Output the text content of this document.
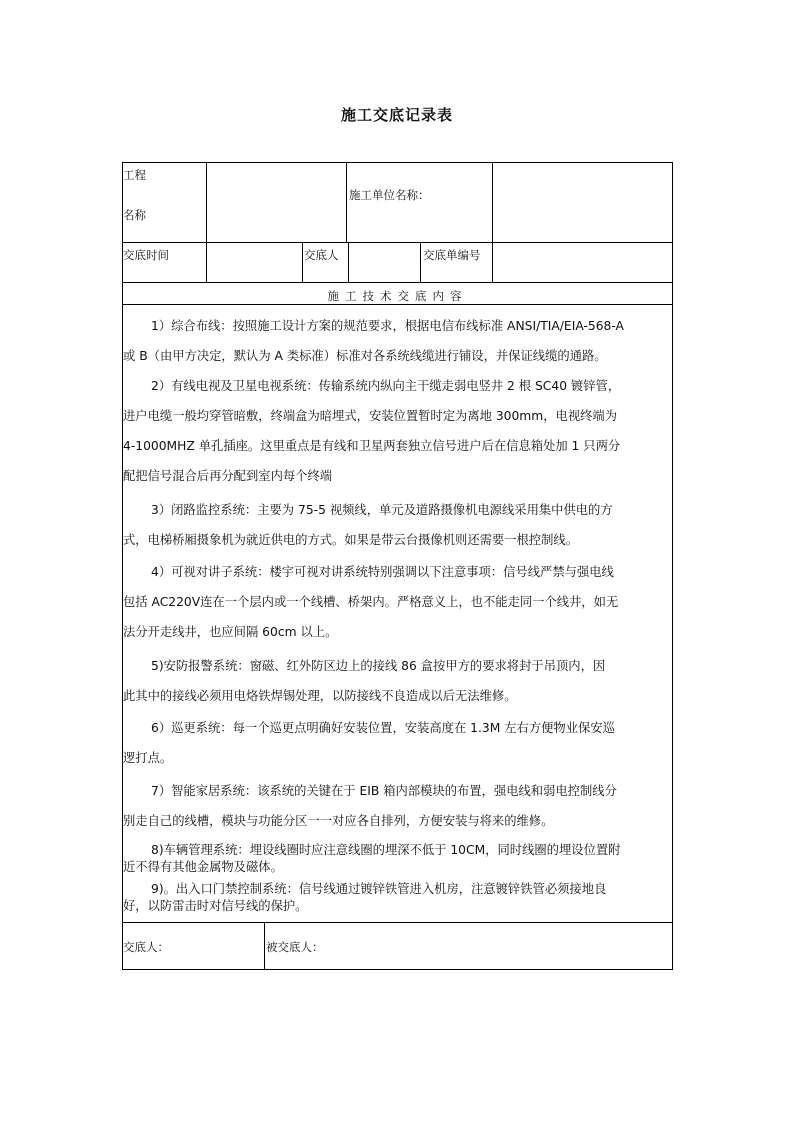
施工交底记录表
工程
名称
施工单位名称：
交底时间	交底人	交底单编号
施工技术交底内容
1）综合布线：按照施工设计方案的规范要求，根据电信布线标准 ANSI/TIA/EIA-568-A
或 B（由甲方决定，默认为 A 类标准）标准对各系统线缆进行铺设，并保证线缆的通路。
2）有线电视及卫星电视系统：传输系统内纵向主干缆走弱电竖井 2 根 SC40 镀锌管，
进户电缆一般均穿管暗敷，终端盒为暗埋式，安装位置暂时定为离地 300mm，电视终端为
4-1000MHZ 单孔插座。这里重点是有线和卫星两套独立信号进户后在信息箱处加 1 只两分
配把信号混合后再分配到室内每个终端
3）闭路监控系统：主要为 75-5 视频线，单元及道路摄像机电源线采用集中供电的方
式，电梯桥厢摄象机为就近供电的方式。如果是带云台摄像机则还需要一根控制线。
4）可视对讲子系统：楼宇可视对讲系统特别强调以下注意事项：信号线严禁与强电线
包括 AC220V连在一个层内或一个线槽、桥架内。严格意义上，也不能走同一个线井，如无
法分开走线井，也应间隔 60cm 以上。
5)安防报警系统：窗磁、红外防区边上的接线 86 盒按甲方的要求将封于吊顶内，因
此其中的接线必须用电烙铁焊锡处理，以防接线不良造成以后无法维修。
6）巡更系统：每一个巡更点明确好安装位置，安装高度在 1.3M 左右方便物业保安巡
逻打点。
7）智能家居系统：该系统的关键在于 EIB 箱内部模块的布置，强电线和弱电控制线分
别走自己的线槽，模块与功能分区一一对应各自排列，方便安装与将来的维修。
8)车辆管理系统：埋设线圈时应注意线圈的埋深不低于 10CM，同时线圈的埋设位置附
近不得有其他金属物及磁体。
9)。出入口门禁控制系统：信号线通过镀锌铁管进入机房，注意镀锌铁管必须接地良
好，以防雷击时对信号线的保护。
交底人：	被交底人：
